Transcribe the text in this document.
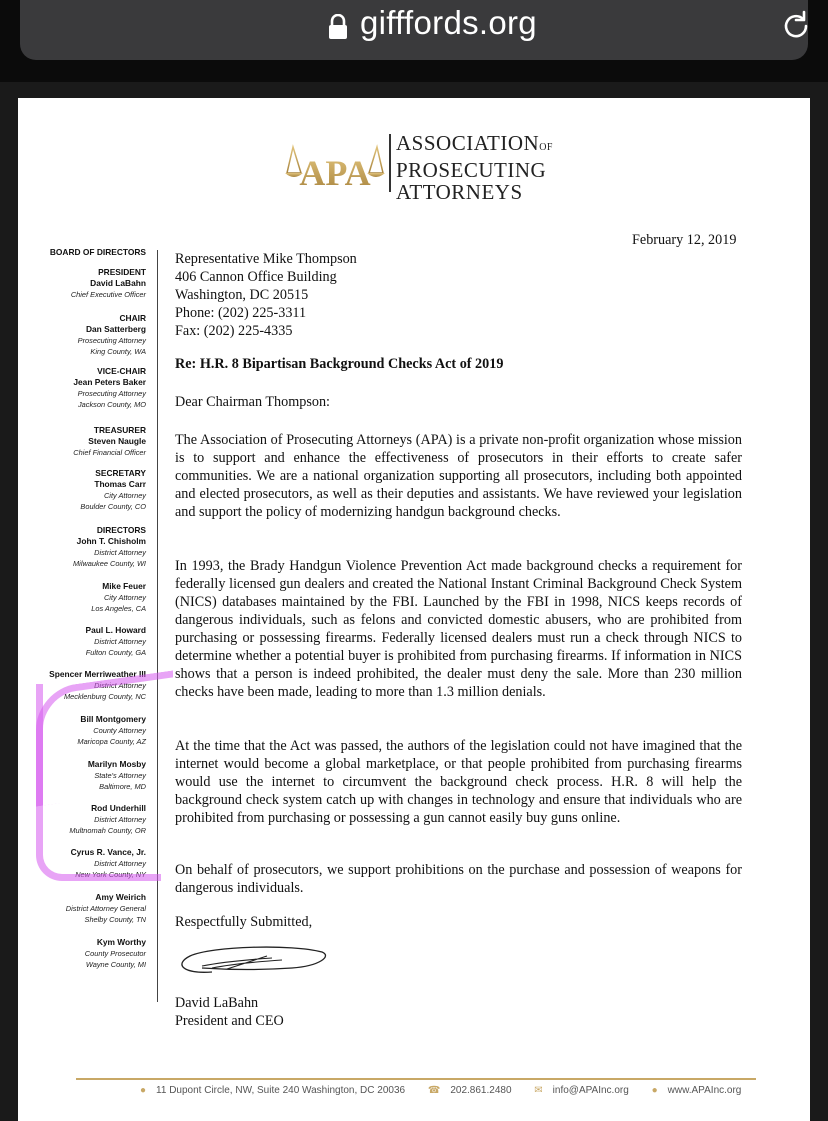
gifffords.org
APA
ASSOCIATIONOF
PROSECUTING
ATTORNEYS
BOARD OF DIRECTORS
PRESIDENT
David LaBahn
Chief Executive Officer
CHAIR
Dan Satterberg
Prosecuting Attorney
King County, WA
VICE-CHAIR
Jean Peters Baker
Prosecuting Attorney
Jackson County, MO
TREASURER
Steven Naugle
Chief Financial Officer
SECRETARY
Thomas Carr
City Attorney
Boulder County, CO
DIRECTORS
John T. Chisholm
District Attorney
Milwaukee County, WI
Mike Feuer
City Attorney
Los Angeles, CA
Paul L. Howard
District Attorney
Fulton County, GA
Spencer Merriweather III
District Attorney
Mecklenburg County, NC
Bill Montgomery
County Attorney
Maricopa County, AZ
Marilyn Mosby
State's Attorney
Baltimore, MD
Rod Underhill
District Attorney
Multnomah County, OR
Cyrus R. Vance, Jr.
District Attorney
New York County, NY
Amy Weirich
District Attorney General
Shelby County, TN
Kym Worthy
County Prosecutor
Wayne County, MI
February 12, 2019
Representative Mike Thompson
406 Cannon Office Building
Washington, DC 20515
Phone: (202) 225-3311
Fax: (202) 225-4335
Re: H.R. 8 Bipartisan Background Checks Act of 2019
Dear Chairman Thompson:
The Association of Prosecuting Attorneys (APA) is a private non-profit organization whose mission is to support and enhance the effectiveness of prosecutors in their efforts to create safer communities. We are a national organization supporting all prosecutors, including both appointed and elected prosecutors, as well as their deputies and assistants. We have reviewed your legislation and support the policy of modernizing handgun background checks.
In 1993, the Brady Handgun Violence Prevention Act made background checks a requirement for federally licensed gun dealers and created the National Instant Criminal Background Check System (NICS) databases maintained by the FBI. Launched by the FBI in 1998, NICS keeps records of dangerous individuals, such as felons and convicted domestic abusers, who are prohibited from purchasing or possessing firearms. Federally licensed dealers must run a check through NICS to determine whether a potential buyer is prohibited from purchasing firearms. If information in NICS shows that a person is indeed prohibited, the dealer must deny the sale. More than 230 million checks have been made, leading to more than 1.3 million denials.
At the time that the Act was passed, the authors of the legislation could not have imagined that the internet would become a global marketplace, or that people prohibited from purchasing firearms would use the internet to circumvent the background check process. H.R. 8 will help the background check system catch up with changes in technology and ensure that individuals who are prohibited from purchasing or possessing a gun cannot easily buy guns online.
On behalf of prosecutors, we support prohibitions on the purchase and possession of weapons for dangerous individuals.
Respectfully Submitted,
David LaBahn
President and CEO
● 11 Dupont Circle, NW, Suite 240 Washington, DC 20036 ☎ 202.861.2480 ✉ info@APAInc.org ● www.APAInc.org
